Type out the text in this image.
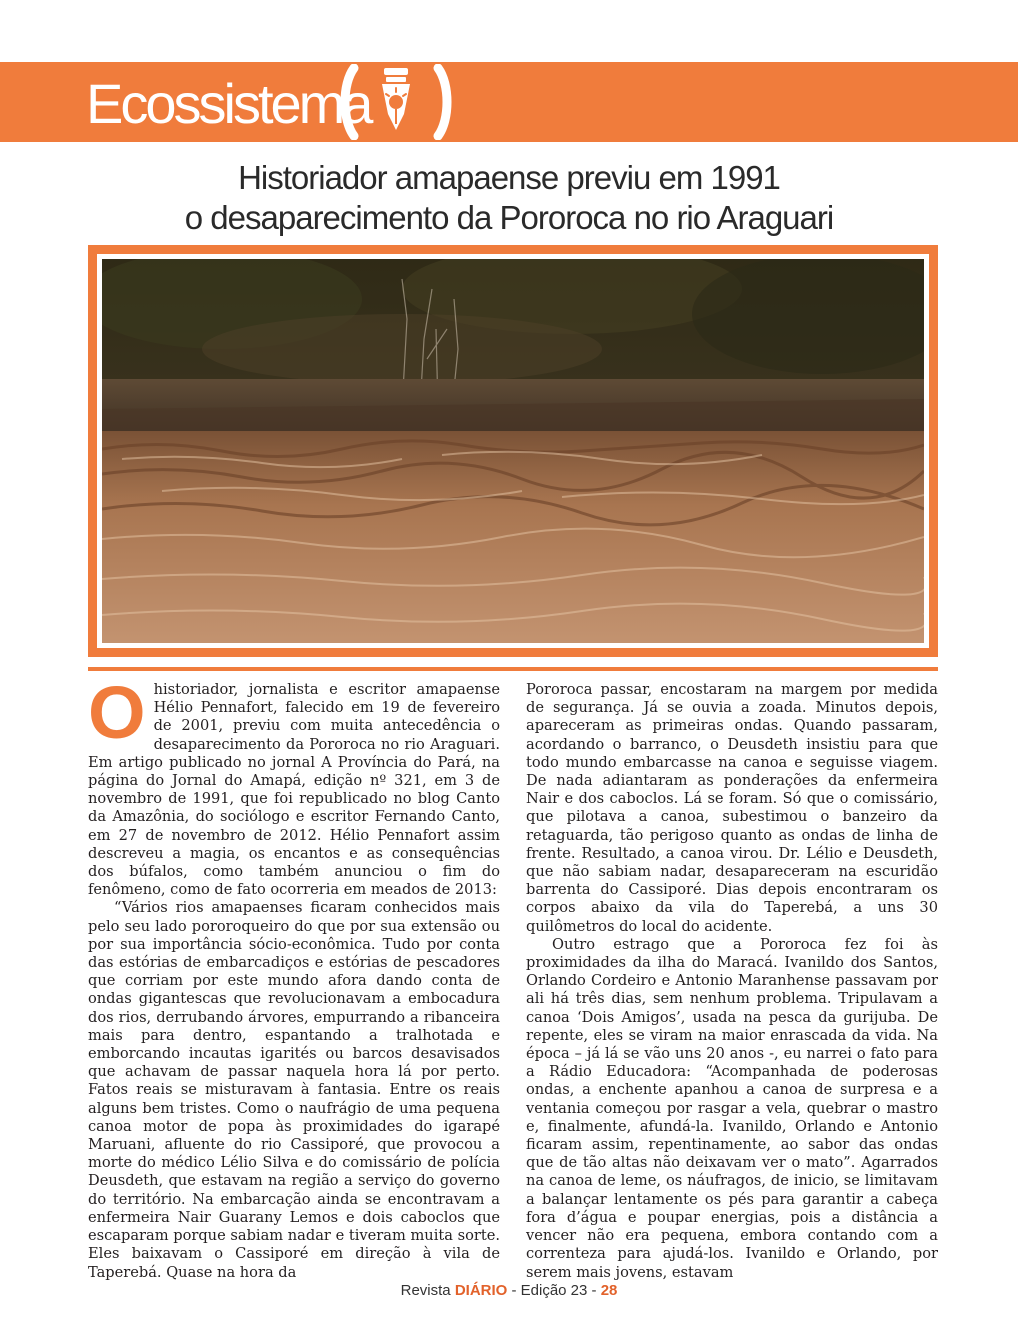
Ecossistema
Historiador amapaense previu em 1991
o desaparecimento da Pororoca no rio Araguari

Ohistoriador, jornalista e escritor amapaense Hélio Pennafort, falecido em 19 de fevereiro de 2001, previu com muita antecedência o desaparecimento da Pororoca no rio Araguari. Em artigo publicado no jornal A Província do Pará, na página do Jornal do Amapá, edição nº 321, em 3 de novembro de 1991, que foi republicado no blog Canto da Amazônia, do sociólogo e escritor Fernando Canto, em 27 de novembro de 2012. Hélio Pennafort assim descreveu a magia, os encantos e as consequências dos búfalos, como também anunciou o fim do fenômeno, como de fato ocorreria em meados de 2013:

“Vários rios amapaenses ficaram conhecidos mais pelo seu lado pororoqueiro do que por sua extensão ou por sua importância sócio-econômica. Tudo por conta das estórias de embarcadiços e estórias de pescadores que corriam por este mundo afora dando conta de ondas gigantescas que revolucionavam a embocadura dos rios, derrubando árvores, empurrando a ribanceira mais para dentro, espantando a tralhotada e emborcando incautas igarités ou barcos desavisados que achavam de passar naquela hora lá por perto. Fatos reais se misturavam à fantasia. Entre os reais alguns bem tristes. Como o naufrágio de uma pequena canoa motor de popa às proximidades do igarapé Maruani, afluente do rio Cassiporé, que provocou a morte do médico Lélio Silva e do comissário de polícia Deusdeth, que estavam na região a serviço do governo do território. Na embarcação ainda se encontravam a enfermeira Nair Guarany Lemos e dois caboclos que escaparam porque sabiam nadar e tiveram muita sorte. Eles baixavam o Cassiporé em direção à vila de Taperebá. Quase na hora da

Pororoca passar, encostaram na margem por medida de segurança. Já se ouvia a zoada. Minutos depois, apareceram as primeiras ondas. Quando passaram, acordando o barranco, o Deusdeth insistiu para que todo mundo embarcasse na canoa e seguisse viagem. De nada adiantaram as ponderações da enfermeira Nair e dos caboclos. Lá se foram. Só que o comissário, que pilotava a canoa, subestimou o banzeiro da retaguarda, tão perigoso quanto as ondas de linha de frente. Resultado, a canoa virou. Dr. Lélio e Deusdeth, que não sabiam nadar, desapareceram na escuridão barrenta do Cassiporé. Dias depois encontraram os corpos abaixo da vila do Taperebá, a uns 30 quilômetros do local do acidente.

Outro estrago que a Pororoca fez foi às proximidades da ilha do Maracá. Ivanildo dos Santos, Orlando Cordeiro e Antonio Maranhense passavam por ali há três dias, sem nenhum problema. Tripulavam a canoa ‘Dois Amigos’, usada na pesca da gurijuba. De repente, eles se viram na maior enrascada da vida. Na época – já lá se vão uns 20 anos -, eu narrei o fato para a Rádio Educadora: “Acompanhada de poderosas ondas, a enchente apanhou a canoa de surpresa e a ventania começou por rasgar a vela, quebrar o mastro e, finalmente, afundá-la. Ivanildo, Orlando e Antonio ficaram assim, repentinamente, ao sabor das ondas que de tão altas não deixavam ver o mato”. Agarrados na canoa de leme, os náufragos, de inicio, se limitavam a balançar lentamente os pés para garantir a cabeça fora d’água e poupar energias, pois a distância a vencer não era pequena, embora contando com a correnteza para ajudá-los. Ivanildo e Orlando, por serem mais jovens, estavam

Revista DIÁRIO - Edição 23 - 28
